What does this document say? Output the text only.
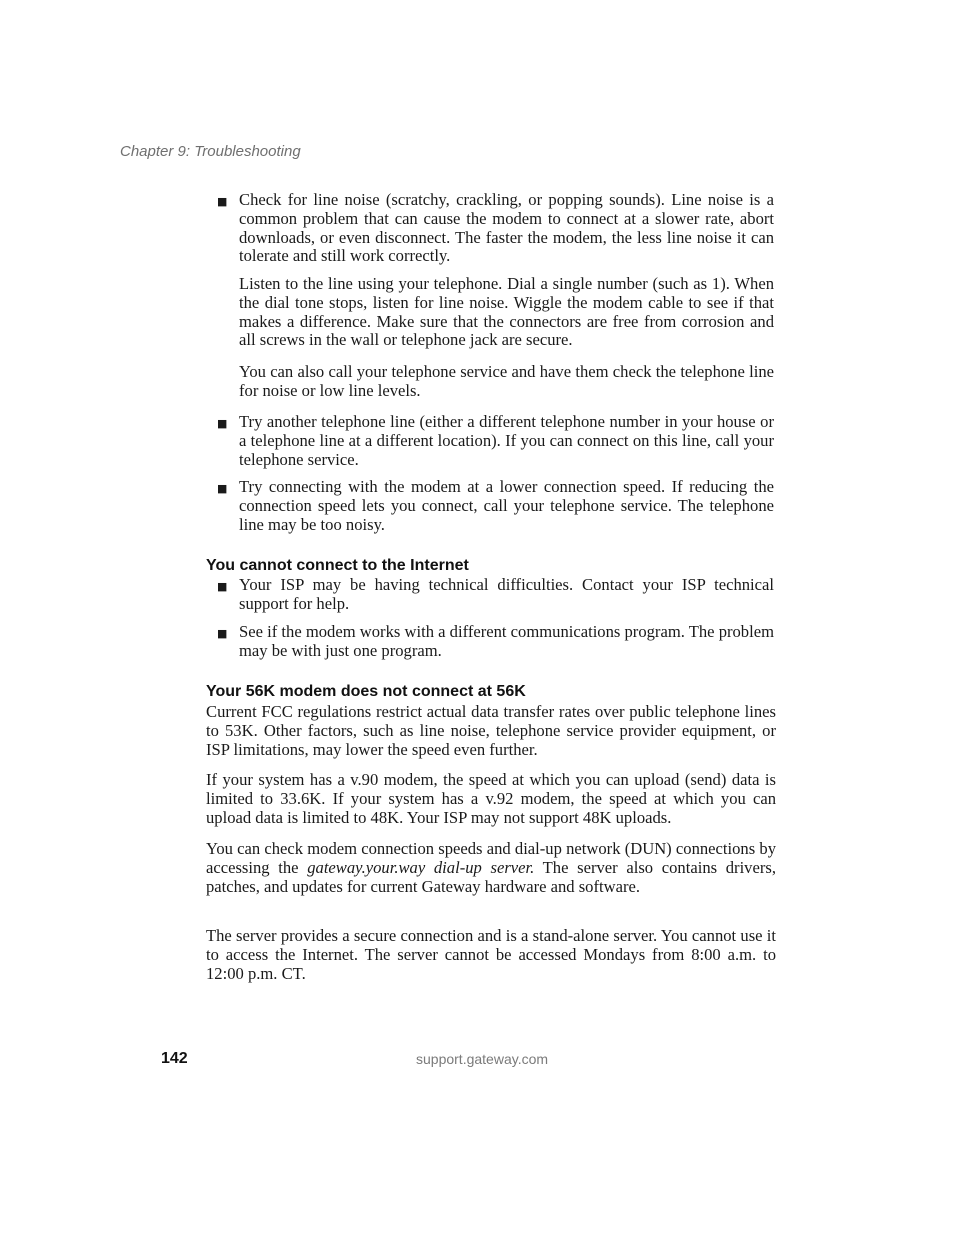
Chapter 9: Troubleshooting
■ Check for line noise (scratchy, crackling, or popping sounds). Line noise is a common problem that can cause the modem to connect at a slower rate, abort downloads, or even disconnect. The faster the modem, the less line noise it can tolerate and still work correctly.
Listen to the line using your telephone. Dial a single number (such as 1). When the dial tone stops, listen for line noise. Wiggle the modem cable to see if that makes a difference. Make sure that the connectors are free from corrosion and all screws in the wall or telephone jack are secure.
You can also call your telephone service and have them check the telephone line for noise or low line levels.
■ Try another telephone line (either a different telephone number in your house or a telephone line at a different location). If you can connect on this line, call your telephone service.
■ Try connecting with the modem at a lower connection speed. If reducing the connection speed lets you connect, call your telephone service. The telephone line may be too noisy.
You cannot connect to the Internet
■ Your ISP may be having technical difficulties. Contact your ISP technical support for help.
■ See if the modem works with a different communications program. The problem may be with just one program.
Your 56K modem does not connect at 56K
Current FCC regulations restrict actual data transfer rates over public telephone lines to 53K. Other factors, such as line noise, telephone service provider equipment, or ISP limitations, may lower the speed even further.
If your system has a v.90 modem, the speed at which you can upload (send) data is limited to 33.6K. If your system has a v.92 modem, the speed at which you can upload data is limited to 48K. Your ISP may not support 48K uploads.
You can check modem connection speeds and dial-up network (DUN) connections by accessing the gateway.your.way dial-up server. The server also contains drivers, patches, and updates for current Gateway hardware and software.
The server provides a secure connection and is a stand-alone server. You cannot use it to access the Internet. The server cannot be accessed Mondays from 8:00 a.m. to 12:00 p.m. CT.
142	support.gateway.com
